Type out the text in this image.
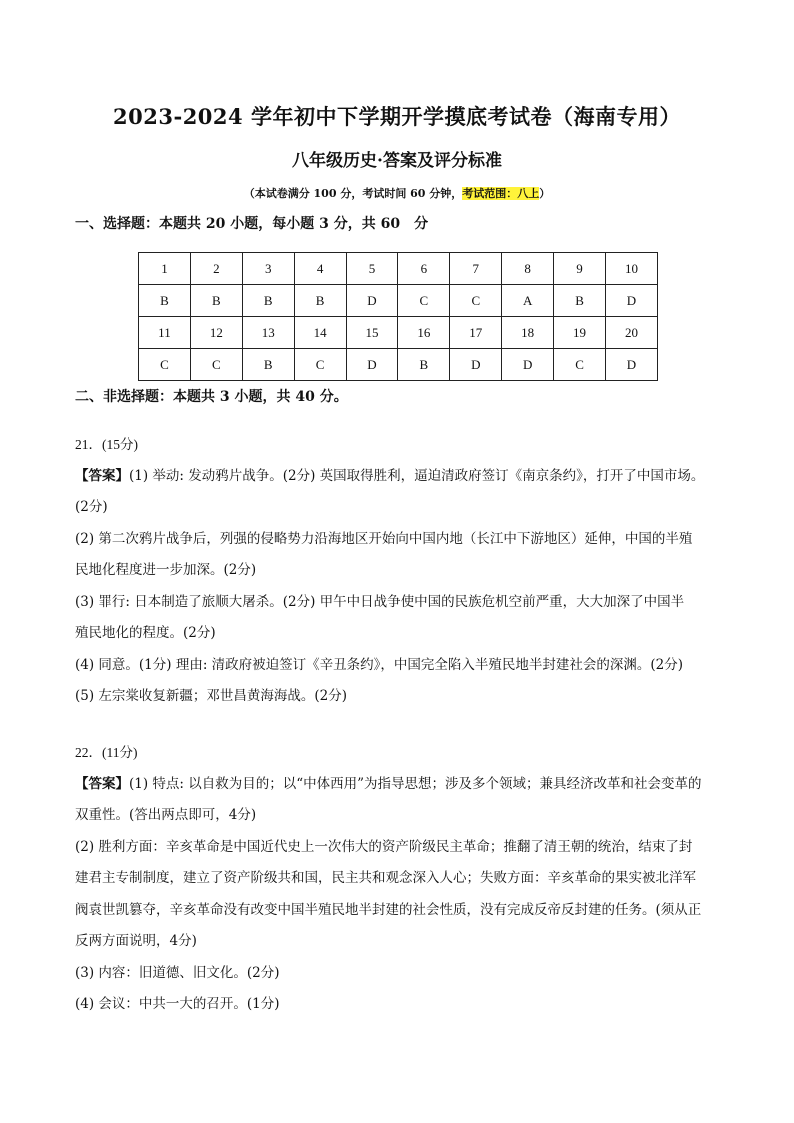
2023-2024 学年初中下学期开学摸底考试卷（海南专用）
八年级历史·答案及评分标准
（本试卷满分 100 分，考试时间 60 分钟，考试范围：八上）
一、选择题：本题共 20 小题，每小题 3 分，共 60　分
1	2	3	4	5	6	7	8	9	10
B	B	B	B	D	C	C	A	B	D
11	12	13	14	15	16	17	18	19	20
C	C	B	C	D	B	D	D	C	D
二、非选择题：本题共 3 小题，共 40 分。
21．(15分)
【答案】(1) 举动: 发动鸦片战争。(2分) 英国取得胜利，逼迫清政府签订《南京条约》，打开了中国市场。
(2分)
(2) 第二次鸦片战争后，列强的侵略势力沿海地区开始向中国内地（长江中下游地区）延伸，中国的半殖
民地化程度进一步加深。(2分)
(3) 罪行: 日本制造了旅顺大屠杀。(2分) 甲午中日战争使中国的民族危机空前严重，大大加深了中国半
殖民地化的程度。(2分)
(4) 同意。(1分) 理由: 清政府被迫签订《辛丑条约》，中国完全陷入半殖民地半封建社会的深渊。(2分)
(5) 左宗棠收复新疆；邓世昌黄海海战。(2分)
22．(11分)
【答案】(1) 特点: 以自救为目的；以“中体西用”为指导思想；涉及多个领域；兼具经济改革和社会变革的
双重性。(答出两点即可，4分)
(2) 胜利方面：辛亥革命是中国近代史上一次伟大的资产阶级民主革命；推翻了清王朝的统治，结束了封
建君主专制制度，建立了资产阶级共和国，民主共和观念深入人心；失败方面：辛亥革命的果实被北洋军
阀袁世凯篡夺，辛亥革命没有改变中国半殖民地半封建的社会性质，没有完成反帝反封建的任务。(须从正
反两方面说明，4分)
(3) 内容：旧道德、旧文化。(2分)
(4) 会议：中共一大的召开。(1分)
